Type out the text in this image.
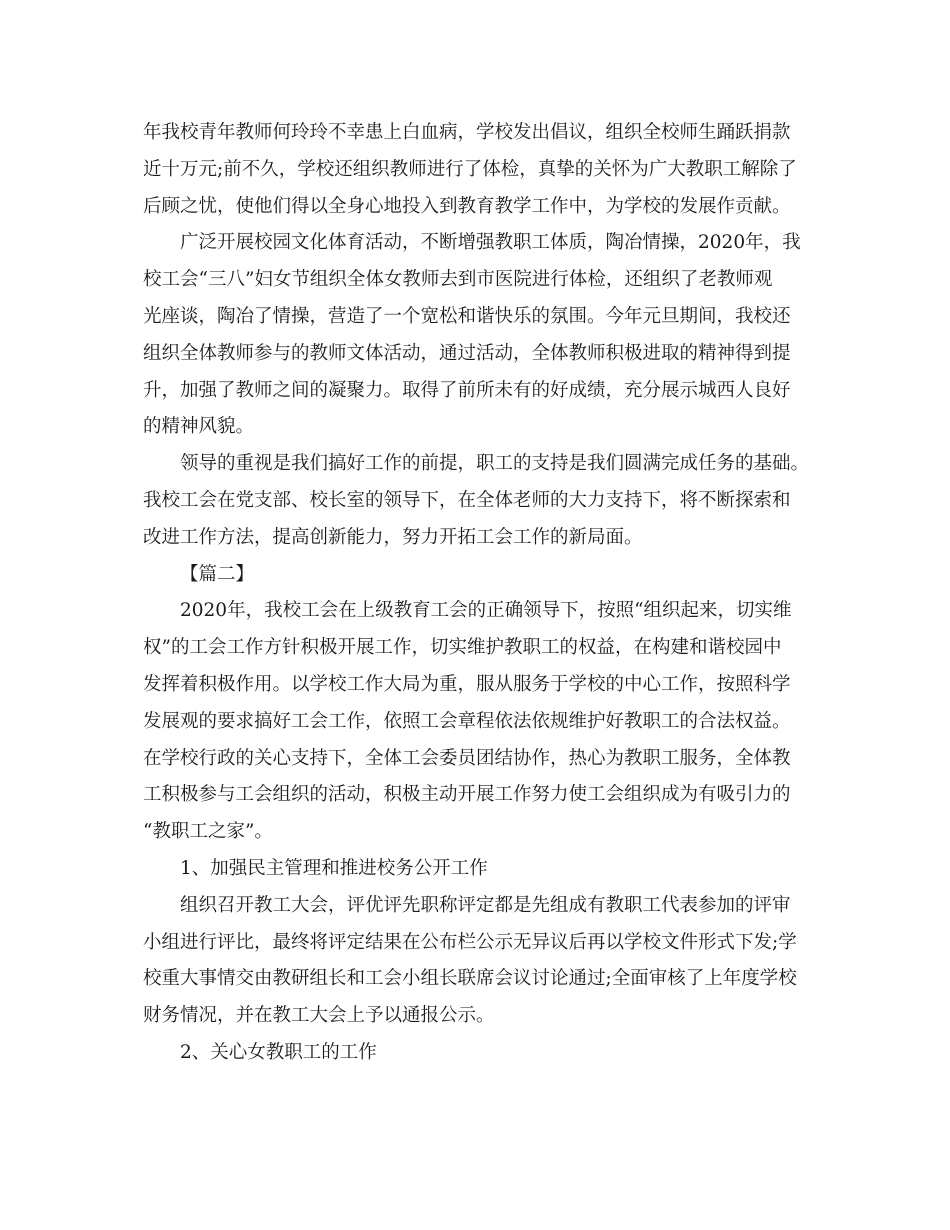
年我校青年教师何玲玲不幸患上白血病，学校发出倡议，组织全校师生踊跃捐款
近十万元;前不久，学校还组织教师进行了体检，真挚的关怀为广大教职工解除了
后顾之忧，使他们得以全身心地投入到教育教学工作中，为学校的发展作贡献。
广泛开展校园文化体育活动，不断增强教职工体质，陶冶情操，2020年，我
校工会“三八”妇女节组织全体女教师去到市医院进行体检，还组织了老教师观
光座谈，陶冶了情操，营造了一个宽松和谐快乐的氛围。今年元旦期间，我校还
组织全体教师参与的教师文体活动，通过活动，全体教师积极进取的精神得到提
升，加强了教师之间的凝聚力。取得了前所未有的好成绩，充分展示城西人良好
的精神风貌。
领导的重视是我们搞好工作的前提，职工的支持是我们圆满完成任务的基础。
我校工会在党支部、校长室的领导下，在全体老师的大力支持下，将不断探索和
改进工作方法，提高创新能力，努力开拓工会工作的新局面。
【篇二】
2020年，我校工会在上级教育工会的正确领导下，按照“组织起来，切实维
权”的工会工作方针积极开展工作，切实维护教职工的权益，在构建和谐校园中
发挥着积极作用。以学校工作大局为重，服从服务于学校的中心工作，按照科学
发展观的要求搞好工会工作，依照工会章程依法依规维护好教职工的合法权益。
在学校行政的关心支持下，全体工会委员团结协作，热心为教职工服务，全体教
工积极参与工会组织的活动，积极主动开展工作努力使工会组织成为有吸引力的
“教职工之家”。
1、加强民主管理和推进校务公开工作
组织召开教工大会，评优评先职称评定都是先组成有教职工代表参加的评审
小组进行评比，最终将评定结果在公布栏公示无异议后再以学校文件形式下发;学
校重大事情交由教研组长和工会小组长联席会议讨论通过;全面审核了上年度学校
财务情况，并在教工大会上予以通报公示。
2、关心女教职工的工作
